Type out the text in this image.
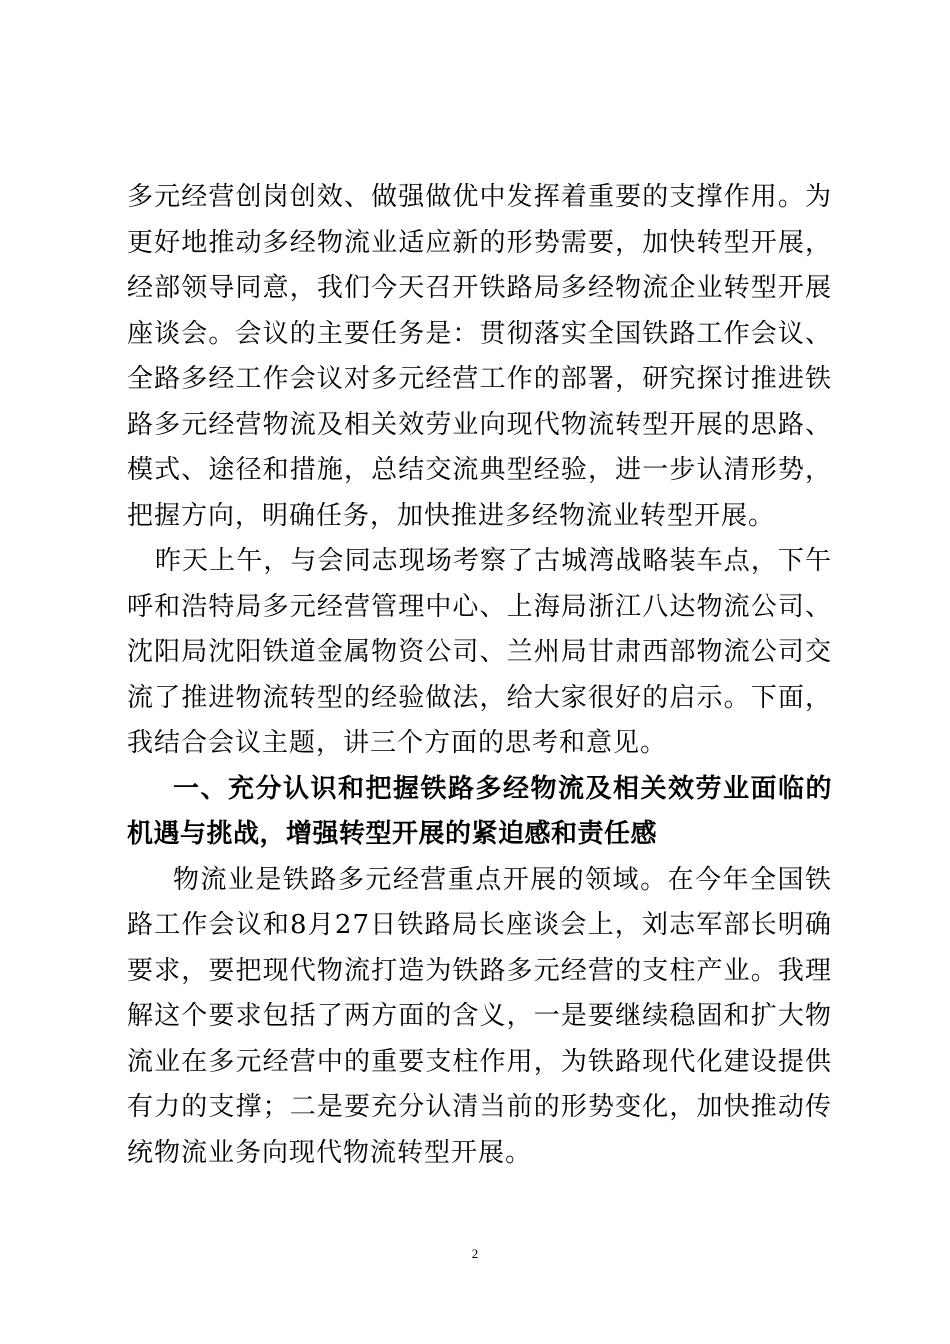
多元经营创岗创效、做强做优中发挥着重要的支撑作用。为更好地推动多经物流业适应新的形势需要，加快转型开展，经部领导同意，我们今天召开铁路局多经物流企业转型开展座谈会。会议的主要任务是：贯彻落实全国铁路工作会议、全路多经工作会议对多元经营工作的部署，研究探讨推进铁路多元经营物流及相关效劳业向现代物流转型开展的思路、模式、途径和措施，总结交流典型经验，进一步认清形势，把握方向，明确任务，加快推进多经物流业转型开展。

昨天上午，与会同志现场考察了古城湾战略装车点，下午呼和浩特局多元经营管理中心、上海局浙江八达物流公司、沈阳局沈阳铁道金属物资公司、兰州局甘肃西部物流公司交流了推进物流转型的经验做法，给大家很好的启示。下面，我结合会议主题，讲三个方面的思考和意见。

一、充分认识和把握铁路多经物流及相关效劳业面临的机遇与挑战，增强转型开展的紧迫感和责任感

物流业是铁路多元经营重点开展的领域。在今年全国铁路工作会议和8月27日铁路局长座谈会上，刘志军部长明确要求，要把现代物流打造为铁路多元经营的支柱产业。我理解这个要求包括了两方面的含义，一是要继续稳固和扩大物流业在多元经营中的重要支柱作用，为铁路现代化建设提供有力的支撑；二是要充分认清当前的形势变化，加快推动传统物流业务向现代物流转型开展。

2
